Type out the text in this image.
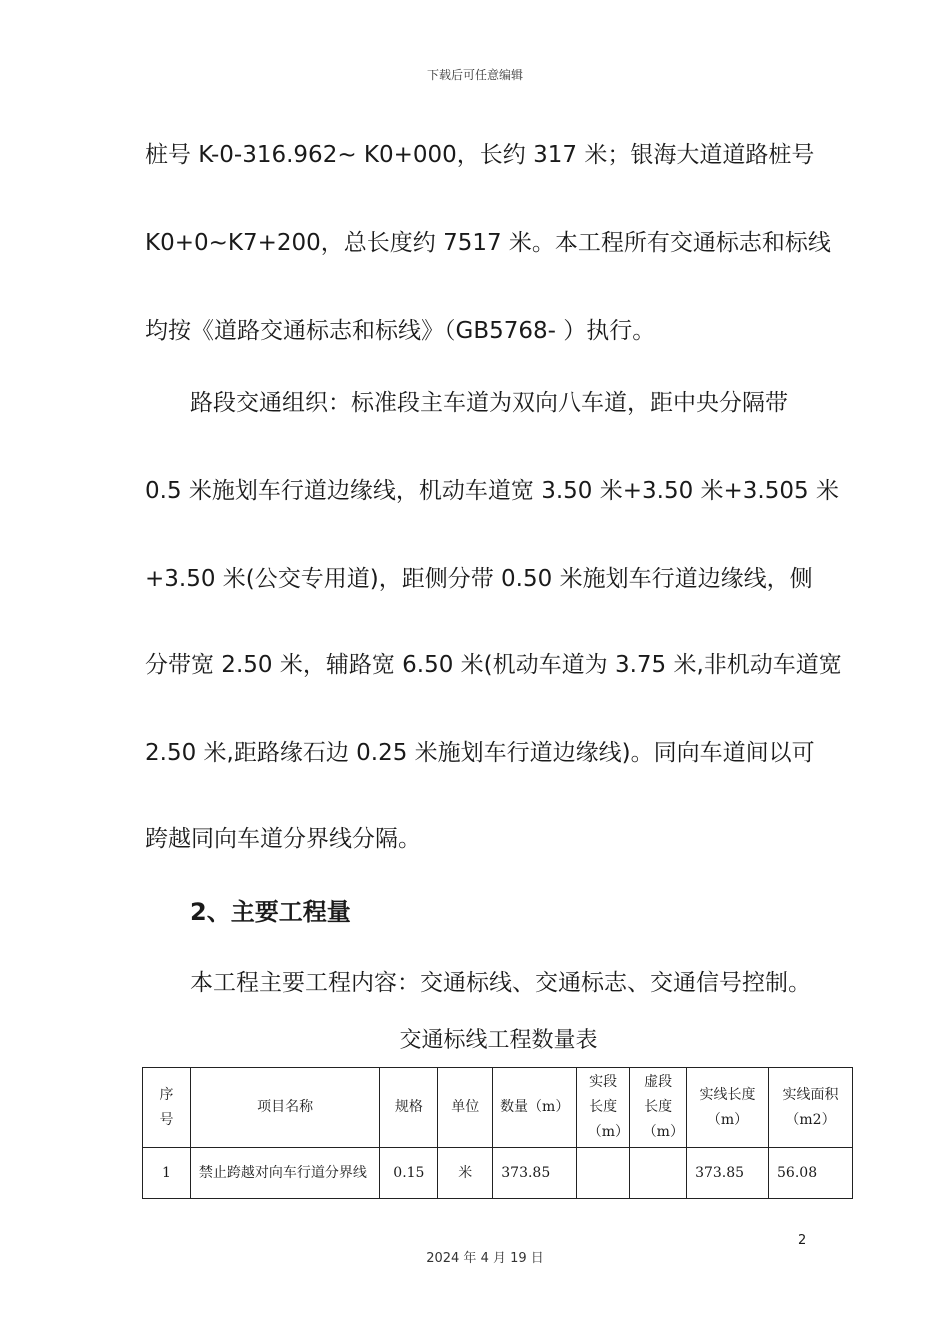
下载后可任意编辑
桩号 K-0-316.962~ K0+000，长约 317 米；银海大道道路桩号
K0+0~K7+200，总长度约 7517 米。本工程所有交通标志和标线
均按《道路交通标志和标线》（GB5768- ）执行。
路段交通组织：标准段主车道为双向八车道，距中央分隔带
0.5 米施划车行道边缘线，机动车道宽 3.50 米+3.50 米+3.505 米
+3.50 米(公交专用道)，距侧分带 0.50 米施划车行道边缘线，侧
分带宽 2.50 米，辅路宽 6.50 米(机动车道为 3.75 米,非机动车道宽
2.50 米,距路缘石边 0.25 米施划车行道边缘线)。同向车道间以可
跨越同向车道分界线分隔。
2、主要工程量
本工程主要工程内容：交通标线、交通标志、交通信号控制。
交通标线工程数量表
序号	项目名称	规格	单位	数量（m）	实段长度（m）	虚段长度（m）	实线长度（m）	实线面积（m2）

1	禁止跨越对向车行道分界线	0.15	米	373.85			373.85	56.08
2
2024 年 4 月 19 日
